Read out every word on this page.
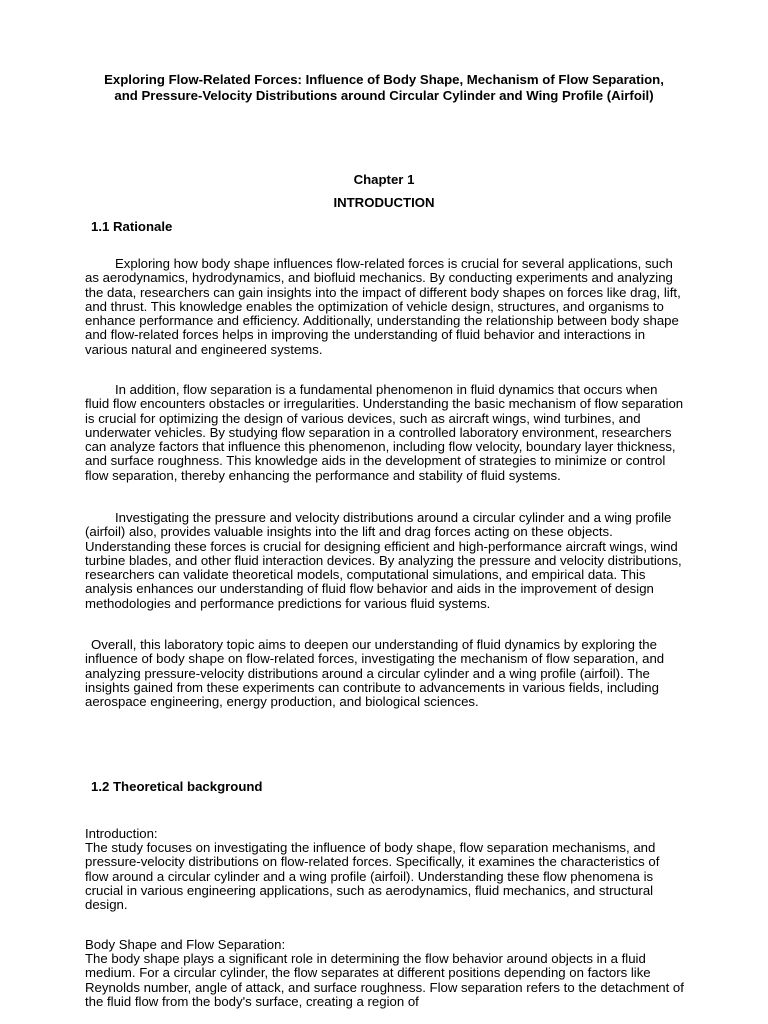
Exploring Flow-Related Forces: Influence of Body Shape, Mechanism of Flow Separation, and Pressure-Velocity Distributions around Circular Cylinder and Wing Profile (Airfoil)
Chapter 1
INTRODUCTION
1.1 Rationale

Exploring how body shape influences flow-related forces is crucial for several applications, such as aerodynamics, hydrodynamics, and biofluid mechanics. By conducting experiments and analyzing the data, researchers can gain insights into the impact of different body shapes on forces like drag, lift, and thrust. This knowledge enables the optimization of vehicle design, structures, and organisms to enhance performance and efficiency. Additionally, understanding the relationship between body shape and flow-related forces helps in improving the understanding of fluid behavior and interactions in various natural and engineered systems.

In addition, flow separation is a fundamental phenomenon in fluid dynamics that occurs when fluid flow encounters obstacles or irregularities. Understanding the basic mechanism of flow separation is crucial for optimizing the design of various devices, such as aircraft wings, wind turbines, and underwater vehicles. By studying flow separation in a controlled laboratory environment, researchers can analyze factors that influence this phenomenon, including flow velocity, boundary layer thickness, and surface roughness. This knowledge aids in the development of strategies to minimize or control flow separation, thereby enhancing the performance and stability of fluid systems.

Investigating the pressure and velocity distributions around a circular cylinder and a wing profile (airfoil) also, provides valuable insights into the lift and drag forces acting on these objects. Understanding these forces is crucial for designing efficient and high-performance aircraft wings, wind turbine blades, and other fluid interaction devices. By analyzing the pressure and velocity distributions, researchers can validate theoretical models, computational simulations, and empirical data. This analysis enhances our understanding of fluid flow behavior and aids in the improvement of design methodologies and performance predictions for various fluid systems.

Overall, this laboratory topic aims to deepen our understanding of fluid dynamics by exploring the influence of body shape on flow-related forces, investigating the mechanism of flow separation, and analyzing pressure-velocity distributions around a circular cylinder and a wing profile (airfoil). The insights gained from these experiments can contribute to advancements in various fields, including aerospace engineering, energy production, and biological sciences.

1.2 Theoretical background

Introduction:

The study focuses on investigating the influence of body shape, flow separation mechanisms, and pressure-velocity distributions on flow-related forces. Specifically, it examines the characteristics of flow around a circular cylinder and a wing profile (airfoil). Understanding these flow phenomena is crucial in various engineering applications, such as aerodynamics, fluid mechanics, and structural design.

Body Shape and Flow Separation:

The body shape plays a significant role in determining the flow behavior around objects in a fluid medium. For a circular cylinder, the flow separates at different positions depending on factors like Reynolds number, angle of attack, and surface roughness. Flow separation refers to the detachment of the fluid flow from the body's surface, creating a region of
